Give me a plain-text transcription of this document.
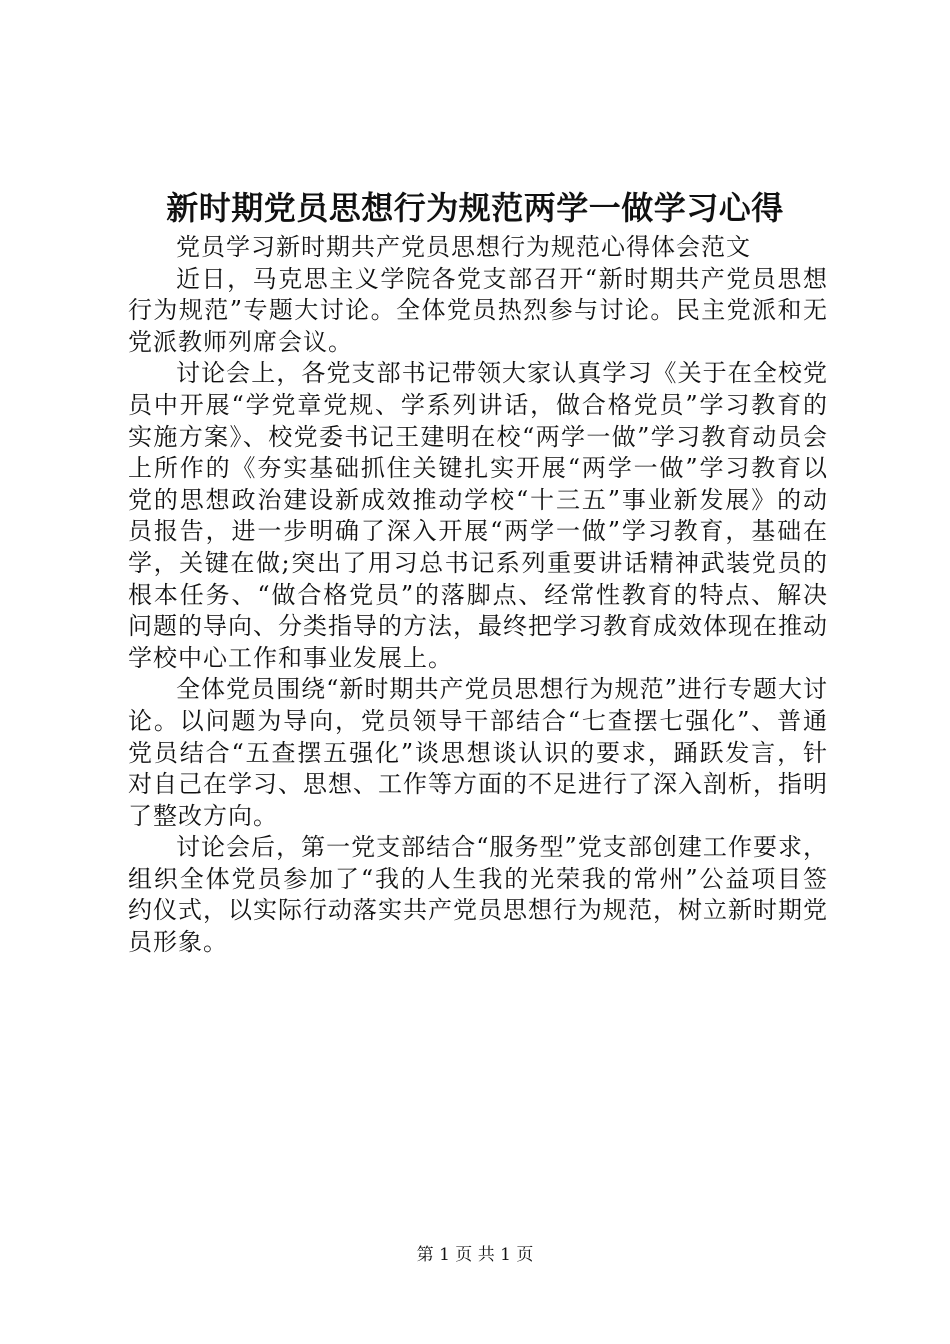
新时期党员思想行为规范两学一做学习心得

党员学习新时期共产党员思想行为规范心得体会范文

近日，马克思主义学院各党支部召开“新时期共产党员思想行为规范”专题大讨论。全体党员热烈参与讨论。民主党派和无党派教师列席会议。

讨论会上，各党支部书记带领大家认真学习《关于在全校党员中开展“学党章党规、学系列讲话，做合格党员”学习教育的实施方案》、校党委书记王建明在校“两学一做”学习教育动员会上所作的《夯实基础抓住关键扎实开展“两学一做”学习教育以党的思想政治建设新成效推动学校“十三五”事业新发展》的动员报告，进一步明确了深入开展“两学一做”学习教育，基础在学，关键在做;突出了用习总书记系列重要讲话精神武装党员的根本任务、“做合格党员”的落脚点、经常性教育的特点、解决问题的导向、分类指导的方法，最终把学习教育成效体现在推动学校中心工作和事业发展上。

全体党员围绕“新时期共产党员思想行为规范”进行专题大讨论。以问题为导向，党员领导干部结合“七查摆七强化”、普通党员结合“五查摆五强化”谈思想谈认识的要求，踊跃发言，针对自己在学习、思想、工作等方面的不足进行了深入剖析，指明了整改方向。

讨论会后，第一党支部结合“服务型”党支部创建工作要求，组织全体党员参加了“我的人生我的光荣我的常州”公益项目签约仪式，以实际行动落实共产党员思想行为规范，树立新时期党员形象。

第 1 页 共 1 页
